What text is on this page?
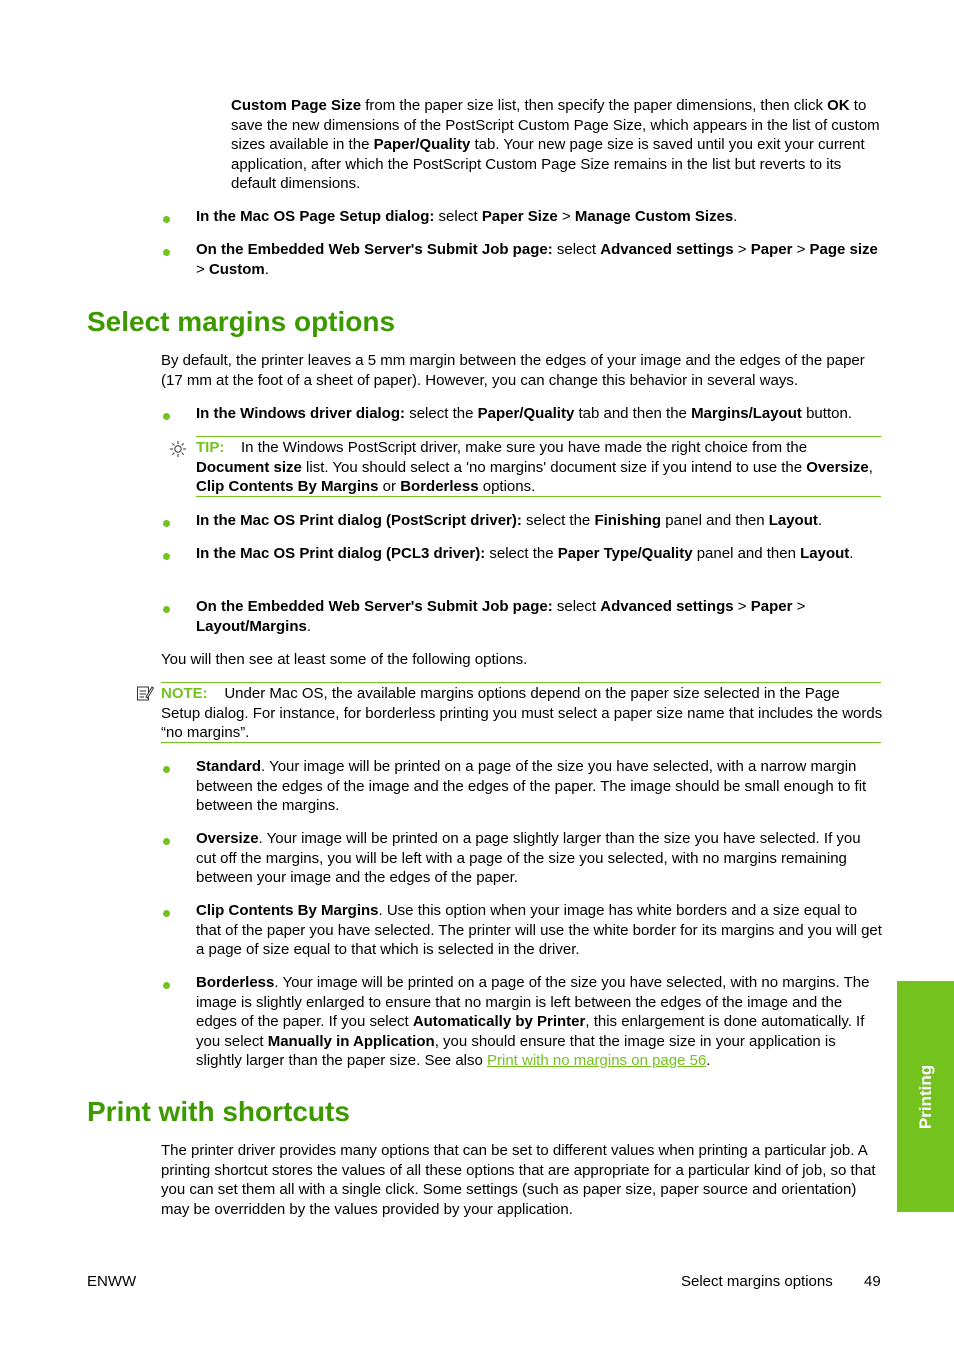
Custom Page Size from the paper size list, then specify the paper dimensions, then click OK to save the new dimensions of the PostScript Custom Page Size, which appears in the list of custom sizes available in the Paper/Quality tab. Your new page size is saved until you exit your current application, after which the PostScript Custom Page Size remains in the list but reverts to its default dimensions.

In the Mac OS Page Setup dialog: select Paper Size > Manage Custom Sizes.

On the Embedded Web Server's Submit Job page: select Advanced settings > Paper > Page size > Custom.

Select margins options

By default, the printer leaves a 5 mm margin between the edges of your image and the edges of the paper (17 mm at the foot of a sheet of paper). However, you can change this behavior in several ways.

In the Windows driver dialog: select the Paper/Quality tab and then the Margins/Layout button.

TIP: In the Windows PostScript driver, make sure you have made the right choice from the Document size list. You should select a 'no margins' document size if you intend to use the Oversize, Clip Contents By Margins or Borderless options.

In the Mac OS Print dialog (PostScript driver): select the Finishing panel and then Layout.

In the Mac OS Print dialog (PCL3 driver): select the Paper Type/Quality panel and then Layout.

On the Embedded Web Server's Submit Job page: select Advanced settings > Paper > Layout/Margins.

You will then see at least some of the following options.

NOTE: Under Mac OS, the available margins options depend on the paper size selected in the Page Setup dialog. For instance, for borderless printing you must select a paper size name that includes the words “no margins”.

Standard. Your image will be printed on a page of the size you have selected, with a narrow margin between the edges of the image and the edges of the paper. The image should be small enough to fit between the margins.

Oversize. Your image will be printed on a page slightly larger than the size you have selected. If you cut off the margins, you will be left with a page of the size you selected, with no margins remaining between your image and the edges of the paper.

Clip Contents By Margins. Use this option when your image has white borders and a size equal to that of the paper you have selected. The printer will use the white border for its margins and you will get a page of size equal to that which is selected in the driver.

Borderless. Your image will be printed on a page of the size you have selected, with no margins. The image is slightly enlarged to ensure that no margin is left between the edges of the image and the edges of the paper. If you select Automatically by Printer, this enlargement is done automatically. If you select Manually in Application, you should ensure that the image size in your application is slightly larger than the paper size. See also Print with no margins on page 56.

Print with shortcuts

The printer driver provides many options that can be set to different values when printing a particular job. A printing shortcut stores the values of all these options that are appropriate for a particular kind of job, so that you can set them all with a single click. Some settings (such as paper size, paper source and orientation) may be overridden by the values provided by your application.

Printing
ENWW	Select margins options 49
